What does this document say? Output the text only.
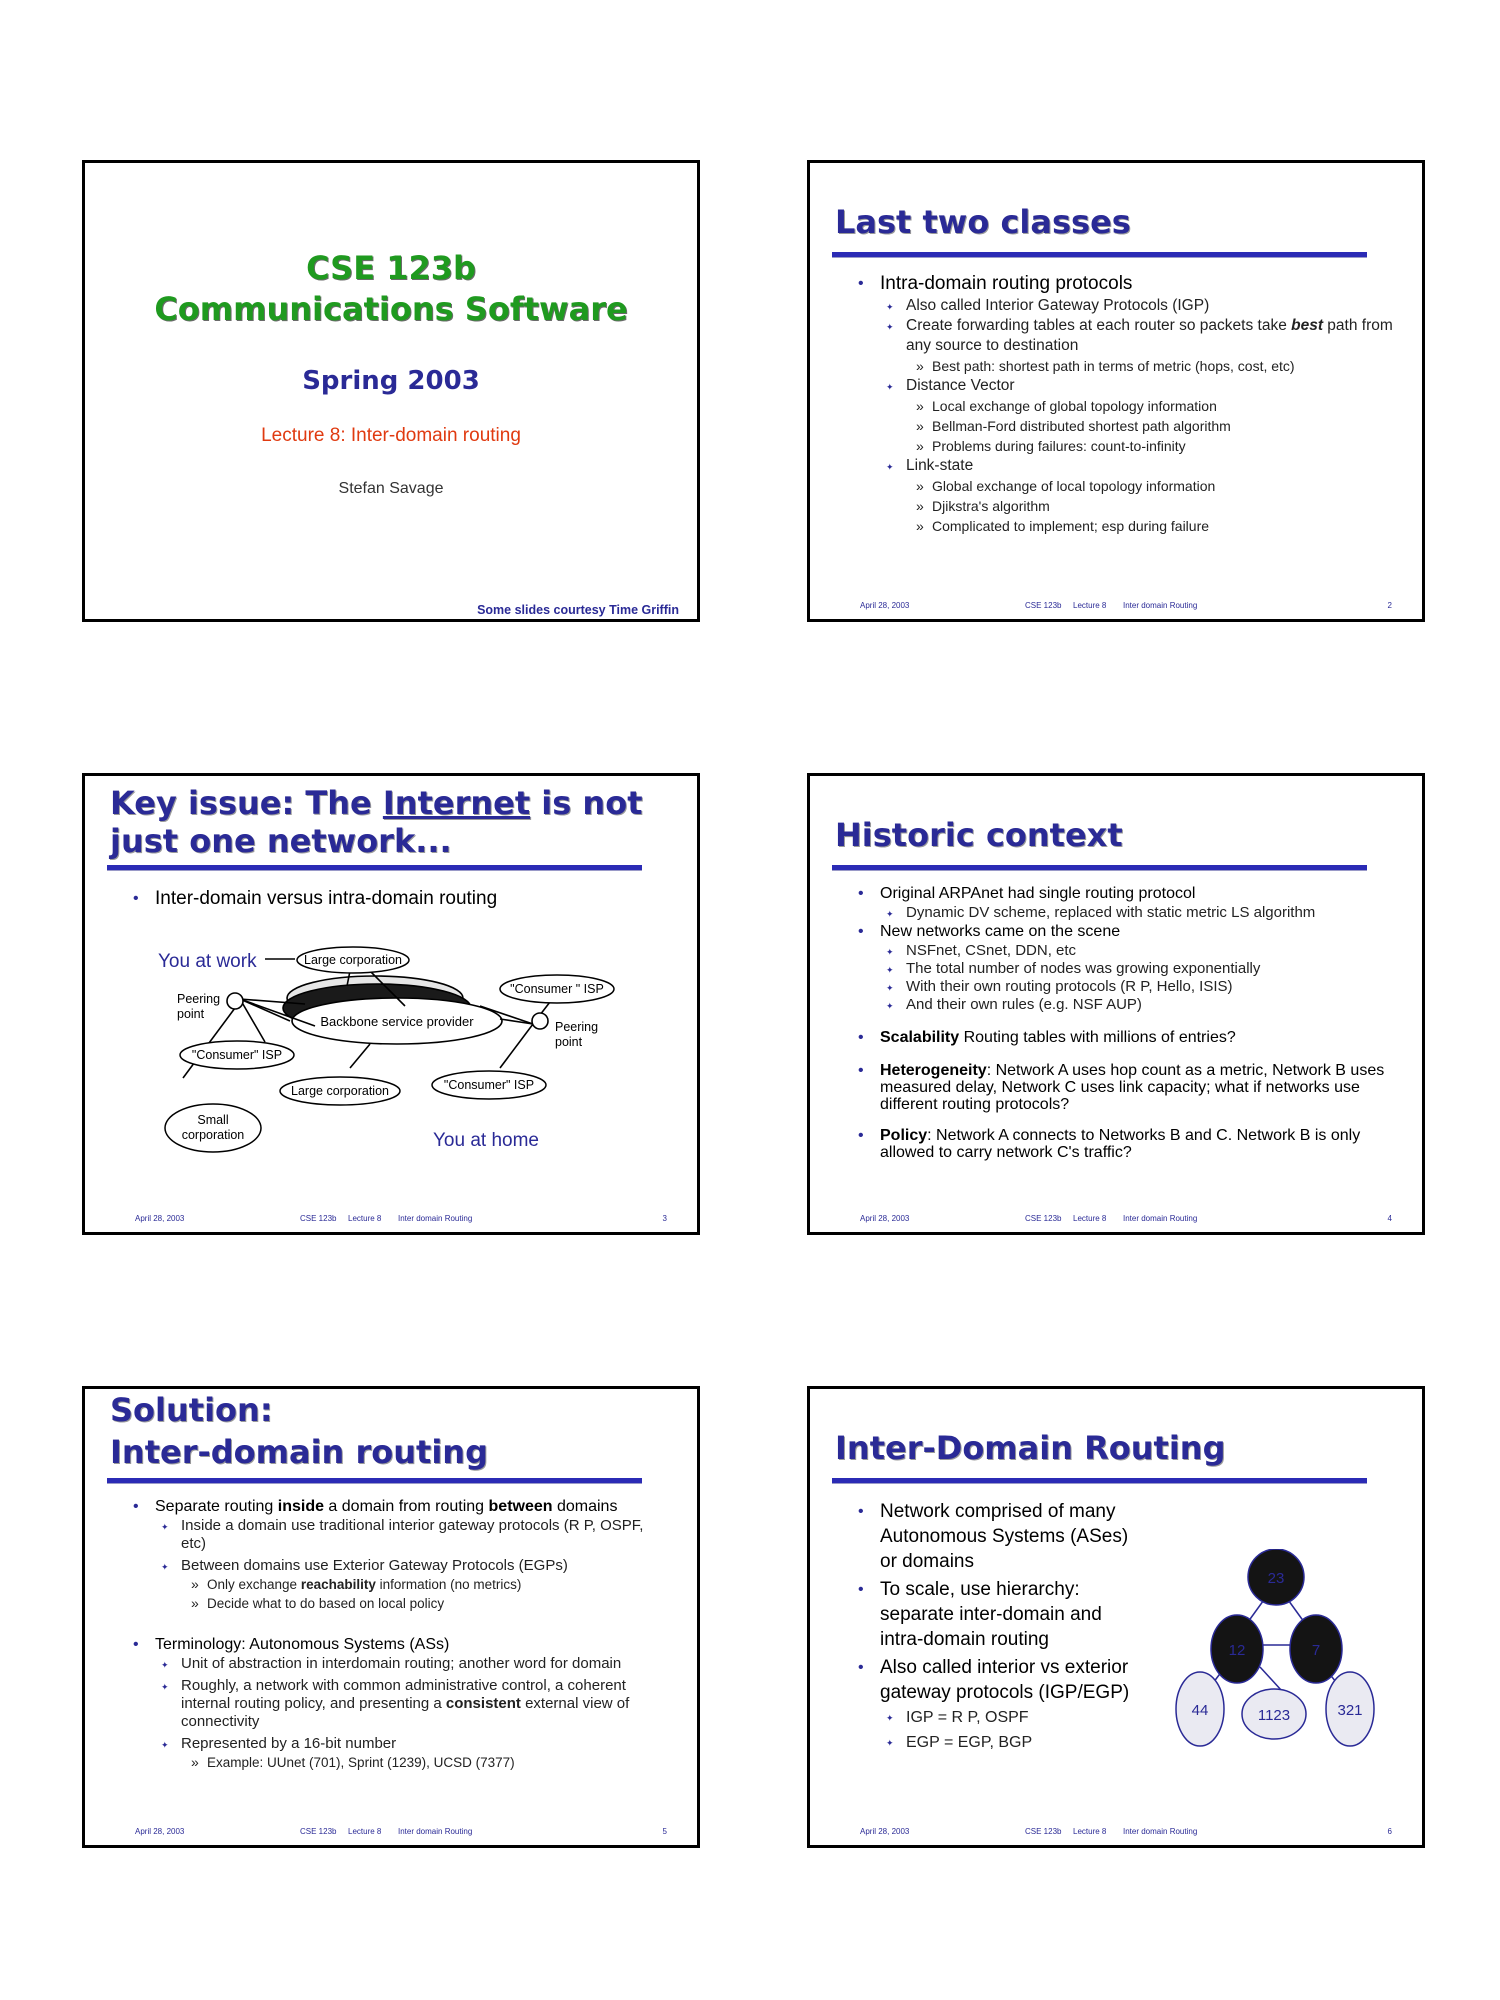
CSE 123b
Communications Software
Spring 2003
Lecture 8: Inter-domain routing
Stefan Savage
Some slides courtesy Time Griffin
Last two classes
• Intra-domain routing protocols
✦ Also called Interior Gateway Protocols (IGP)
✦ Create forwarding tables at each router so packets take best path from any source to destination
» Best path: shortest path in terms of metric (hops, cost, etc)
✦ Distance Vector
» Local exchange of global topology information
» Bellman-Ford distributed shortest path algorithm
» Problems during failures: count-to-infinity
✦ Link-state
» Global exchange of local topology information
» Djikstra's algorithm
» Complicated to implement; esp during failure
April 28, 2003	CSE 123b Lecture 8 Inter domain Routing	2
Key issue: The Internet is not
just one network...
• Inter-domain versus intra-domain routing
You at work
You at home
Large corporation
"Consumer " ISP
"Consumer" ISP
Large corporation	"Consumer" ISP
Backbone service provider
Peering
point
Peering
point
Small
corporation
April 28, 2003	CSE 123b Lecture 8 Inter domain Routing	3
Historic context
• Original ARPAnet had single routing protocol
✦ Dynamic DV scheme, replaced with static metric LS algorithm
• New networks came on the scene
✦ NSFnet, CSnet, DDN, etc
✦ The total number of nodes was growing exponentially
✦ With their own routing protocols (R P, Hello, ISIS)
✦ And their own rules (e.g. NSF AUP)
• Scalability Routing tables with millions of entries?
• Heterogeneity: Network A uses hop count as a metric, Network B uses measured delay, Network C uses link capacity; what if networks use different routing protocols?
• Policy: Network A connects to Networks B and C. Network B is only allowed to carry network C's traffic?
April 28, 2003	CSE 123b Lecture 8 Inter domain Routing	4
Solution:
Inter-domain routing
• Separate routing inside a domain from routing between domains
✦ Inside a domain use traditional interior gateway protocols (R P, OSPF, etc)
✦ Between domains use Exterior Gateway Protocols (EGPs)
» Only exchange reachability information (no metrics)
» Decide what to do based on local policy
• Terminology: Autonomous Systems (ASs)
✦ Unit of abstraction in interdomain routing; another word for domain
✦ Roughly, a network with common administrative control, a coherent internal routing policy, and presenting a consistent external view of connectivity
✦ Represented by a 16-bit number
» Example: UUnet (701), Sprint (1239), UCSD (7377)
April 28, 2003	CSE 123b Lecture 8 Inter domain Routing	5
Inter-Domain Routing
• Network comprised of many Autonomous Systems (ASes) or domains
• To scale, use hierarchy: separate inter-domain and intra-domain routing
• Also called interior vs exterior gateway protocols (IGP/EGP)
✦ IGP = R P, OSPF
✦ EGP = EGP, BGP
23
12	7
44	1123	321
April 28, 2003	CSE 123b Lecture 8 Inter domain Routing	6
